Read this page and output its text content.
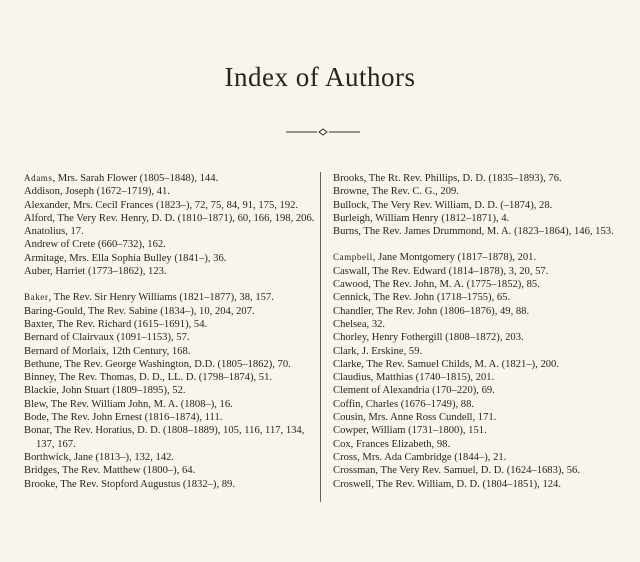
Index of Authors
Adams, Mrs. Sarah Flower (1805–1848), 144.
Addison, Joseph (1672–1719), 41.
Alexander, Mrs. Cecil Frances (1823–), 72, 75, 84, 91, 175, 192.
Alford, The Very Rev. Henry, D. D. (1810–1871), 60, 166, 198, 206.
Anatolius, 17.
Andrew of Crete (660–732), 162.
Armitage, Mrs. Ella Sophia Bulley (1841–), 36.
Auber, Harriet (1773–1862), 123.
Baker, The Rev. Sir Henry Williams (1821–1877), 38, 157.
Baring-Gould, The Rev. Sabine (1834–), 10, 204, 207.
Baxter, The Rev. Richard (1615–1691), 54.
Bernard of Clairvaux (1091–1153), 57.
Bernard of Morlaix, 12th Century, 168.
Bethune, The Rev. George Washington, D.D. (1805–1862), 70.
Binney, The Rev. Thomas, D. D., LL. D. (1798–1874), 51.
Blackie, John Stuart (1809–1895), 52.
Blew, The Rev. William John, M. A. (1808–), 16.
Bode, The Rev. John Ernest (1816–1874), 111.
Bonar, The Rev. Horatius, D. D. (1808–1889), 105, 116, 117, 134, 137, 167.
Borthwick, Jane (1813–), 132, 142.
Bridges, The Rev. Matthew (1800–), 64.
Brooke, The Rev. Stopford Augustus (1832–), 89.
Brooks, The Rt. Rev. Phillips, D. D. (1835–1893), 76.
Browne, The Rev. C. G., 209.
Bullock, The Very Rev. William, D. D. (–1874), 28.
Burleigh, William Henry (1812–1871), 4.
Burns, The Rev. James Drummond, M. A. (1823–1864), 146, 153.
Campbell, Jane Montgomery (1817–1878), 201.
Caswall, The Rev. Edward (1814–1878), 3, 20, 57.
Cawood, The Rev. John, M. A. (1775–1852), 85.
Cennick, The Rev. John (1718–1755), 65.
Chandler, The Rev. John (1806–1876), 49, 88.
Chelsea, 32.
Chorley, Henry Fothergill (1808–1872), 203.
Clark, J. Erskine, 59.
Clarke, The Rev. Samuel Childs, M. A. (1821–), 200.
Claudius, Matthias (1740–1815), 201.
Clement of Alexandria (170–220), 69.
Coffin, Charles (1676–1749), 88.
Cousin, Mrs. Anne Ross Cundell, 171.
Cowper, William (1731–1800), 151.
Cox, Frances Elizabeth, 98.
Cross, Mrs. Ada Cambridge (1844–), 21.
Crossman, The Very Rev. Samuel, D. D. (1624–1683), 56.
Croswell, The Rev. William, D. D. (1804–1851), 124.
